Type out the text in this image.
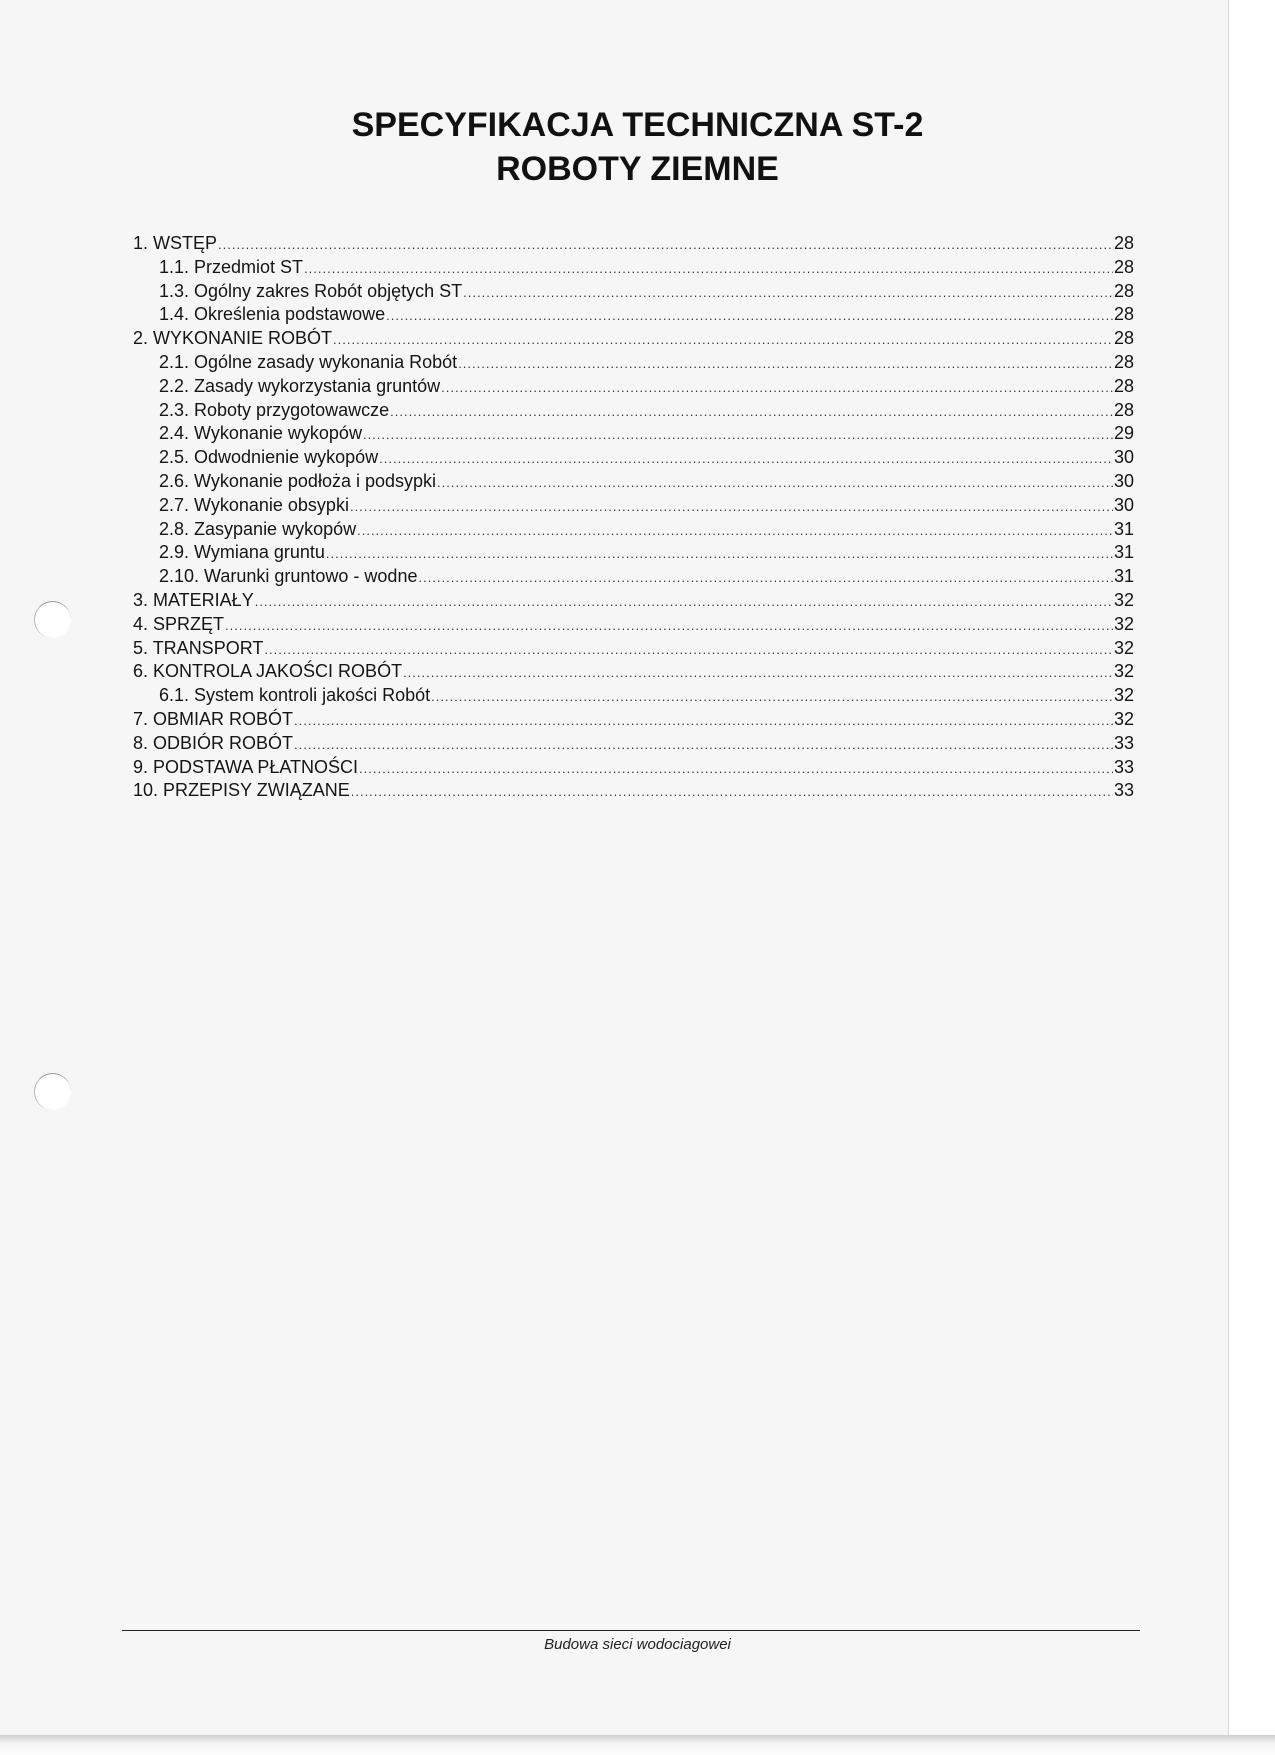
SPECYFIKACJA TECHNICZNA ST-2
ROBOTY ZIEMNE
1. WSTĘP .....	28
1.1. Przedmiot ST .....	28
1.3. Ogólny zakres Robót objętych ST .....	28
1.4. Określenia podstawowe .....	28
2. WYKONANIE ROBÓT .....	28
2.1. Ogólne zasady wykonania Robót .....	28
2.2. Zasady wykorzystania gruntów .....	28
2.3. Roboty przygotowawcze .....	28
2.4. Wykonanie wykopów .....	29
2.5. Odwodnienie wykopów .....	30
2.6. Wykonanie podłoża i podsypki .....	30
2.7. Wykonanie obsypki .....	30
2.8. Zasypanie wykopów .....	31
2.9. Wymiana gruntu .....	31
2.10. Warunki gruntowo - wodne .....	31
3. MATERIAŁY .....	32
4. SPRZĘT .....	32
5. TRANSPORT .....	32
6. KONTROLA JAKOŚCI ROBÓT .....	32
6.1. System kontroli jakości Robót .....	32
7. OBMIAR ROBÓT .....	32
8. ODBIÓR ROBÓT .....	33
9. PODSTAWA PŁATNOŚCI .....	33
10. PRZEPISY ZWIĄZANE .....	33
Budowa sieci wodociagowei
